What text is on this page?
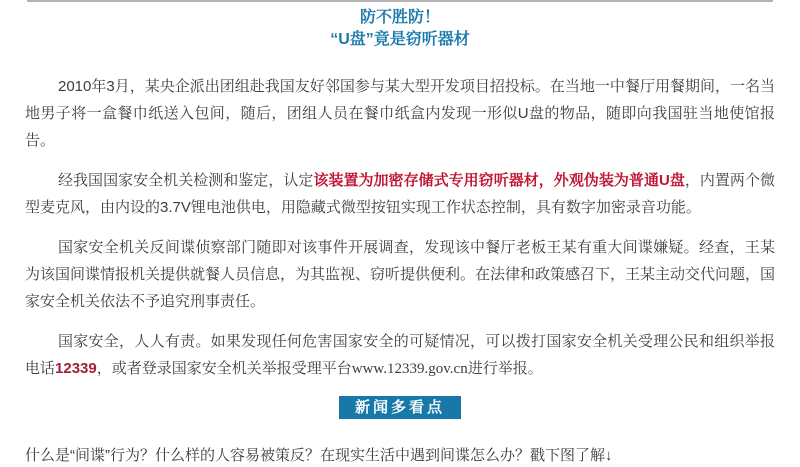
防不胜防！
“U盘”竟是窃听器材

2010年3月，某央企派出团组赴我国友好邻国参与某大型开发项目招投标。在当地一中餐厅用餐期间，一名当地男子将一盒餐巾纸送入包间，随后，团组人员在餐巾纸盒内发现一形似U盘的物品，随即向我国驻当地使馆报告。

经我国国家安全机关检测和鉴定，认定该装置为加密存储式专用窃听器材，外观伪装为普通U盘，内置两个微型麦克风，由内设的3.7V锂电池供电，用隐藏式微型按钮实现工作状态控制，具有数字加密录音功能。

国家安全机关反间谍侦察部门随即对该事件开展调查，发现该中餐厅老板王某有重大间谍嫌疑。经查，王某为该国间谍情报机关提供就餐人员信息，为其监视、窃听提供便利。在法律和政策感召下，王某主动交代问题，国家安全机关依法不予追究刑事责任。

国家安全，人人有责。如果发现任何危害国家安全的可疑情况，可以拨打国家安全机关受理公民和组织举报电话12339，或者登录国家安全机关举报受理平台www.12339.gov.cn进行举报。

新闻多看点

什么是“间谍”行为？什么样的人容易被策反？在现实生活中遇到间谍怎么办？戳下图了解↓
